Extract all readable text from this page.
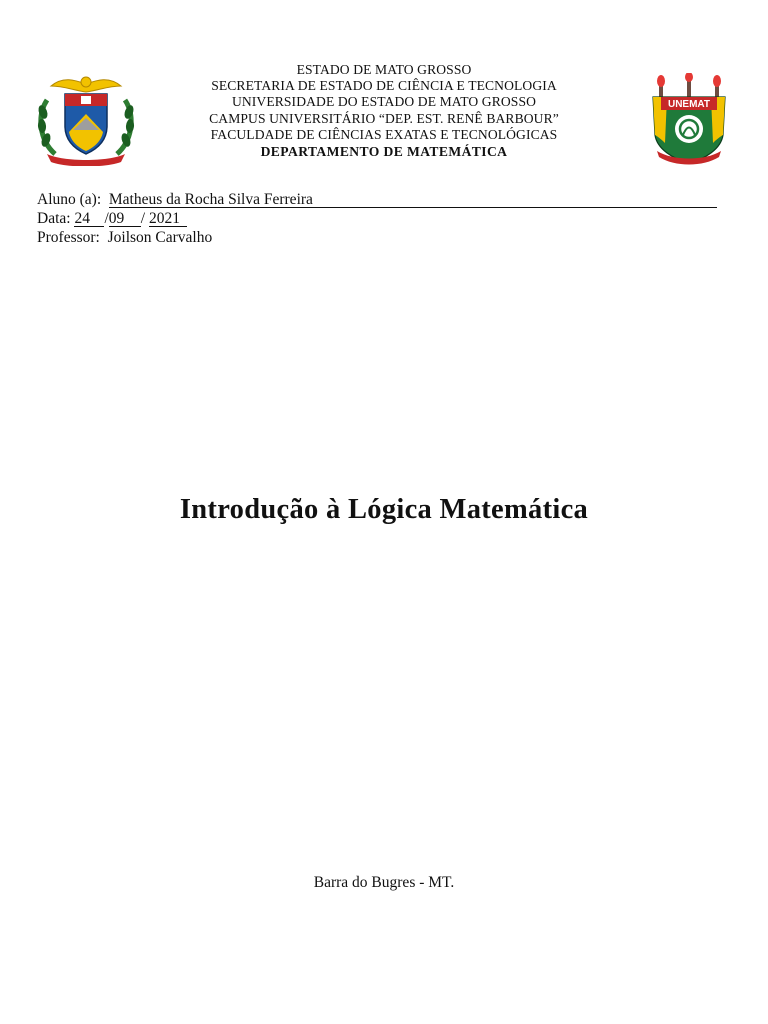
ESTADO DE MATO GROSSO
SECRETARIA DE ESTADO DE CIÊNCIA E TECNOLOGIA
UNIVERSIDADE DO ESTADO DE MATO GROSSO
CAMPUS UNIVERSITÁRIO “DEP. EST. RENÊ BARBOUR”
FACULDADE DE CIÊNCIAS EXATAS E TECNOLÓGICAS
DEPARTAMENTO DE MATEMÁTICA
UNEMAT
Aluno (a): Matheus da Rocha Silva Ferreira
Data: 24 /09 / 2021
Professor: Joilson Carvalho
Introdução à Lógica Matemática
Barra do Bugres - MT.
